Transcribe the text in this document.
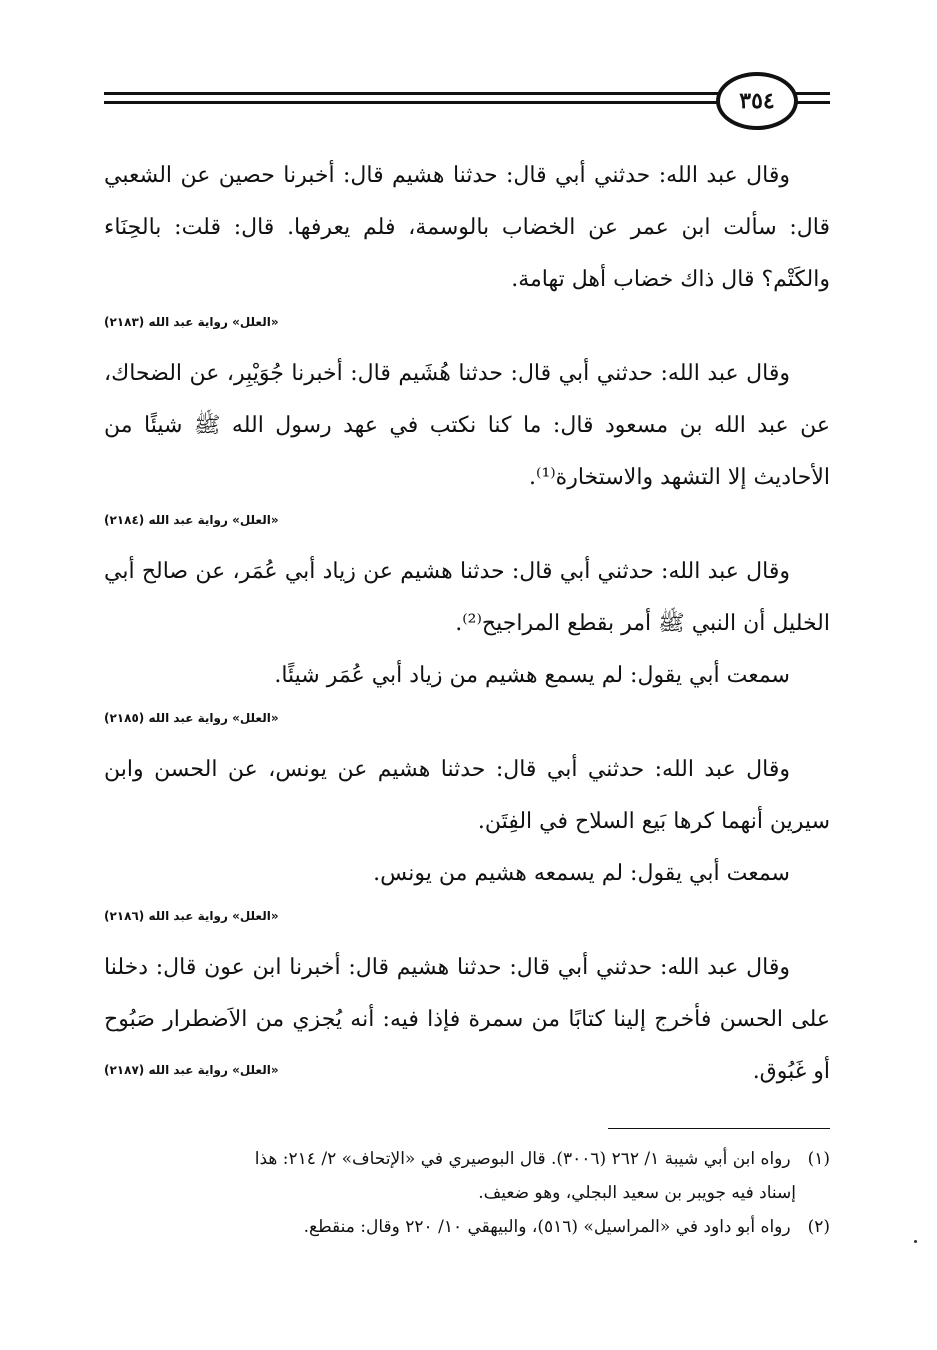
٣٥٤

وقال عبد الله: حدثني أبي قال: حدثنا هشيم قال: أخبرنا حصين عن الشعبي قال: سألت ابن عمر عن الخضاب بالوسمة، فلم يعرفها. قال: قلت: بالحِنَاء والكَتْم؟ قال ذاك خضاب أهل تهامة.

«العلل» رواية عبد الله (٢١٨٣)

وقال عبد الله: حدثني أبي قال: حدثنا هُشَيم قال: أخبرنا جُوَيْبِر، عن الضحاك، عن عبد الله بن مسعود قال: ما كنا نكتب في عهد رسول الله ﷺ شيئًا من الأحاديث إلا التشهد والاستخارة⁽¹⁾.

«العلل» رواية عبد الله (٢١٨٤)

وقال عبد الله: حدثني أبي قال: حدثنا هشيم عن زياد أبي عُمَر، عن صالح أبي الخليل أن النبي ﷺ أمر بقطع المراجيح⁽²⁾.

سمعت أبي يقول: لم يسمع هشيم من زياد أبي عُمَر شيئًا.

«العلل» رواية عبد الله (٢١٨٥)

وقال عبد الله: حدثني أبي قال: حدثنا هشيم عن يونس، عن الحسن وابن سيرين أنهما كرها بَيع السلاح في الفِتَن.

سمعت أبي يقول: لم يسمعه هشيم من يونس.

«العلل» رواية عبد الله (٢١٨٦)

وقال عبد الله: حدثني أبي قال: حدثنا هشيم قال: أخبرنا ابن عون قال: دخلنا على الحسن فأخرج إلينا كتابًا من سمرة فإذا فيه: أنه يُجزي من الاَضطرار صَبُوح أو غَبُوق.

«العلل» رواية عبد الله (٢١٨٧)

(١) رواه ابن أبي شيبة ١/ ٢٦٢ (٣٠٠٦). قال البوصيري في «الإتحاف» ٢/ ٢١٤: هذا

إسناد فيه جويبر بن سعيد البجلي، وهو ضعيف.

(٢) رواه أبو داود في «المراسيل» (٥١٦)، والبيهقي ١٠/ ٢٢٠ وقال: منقطع.
